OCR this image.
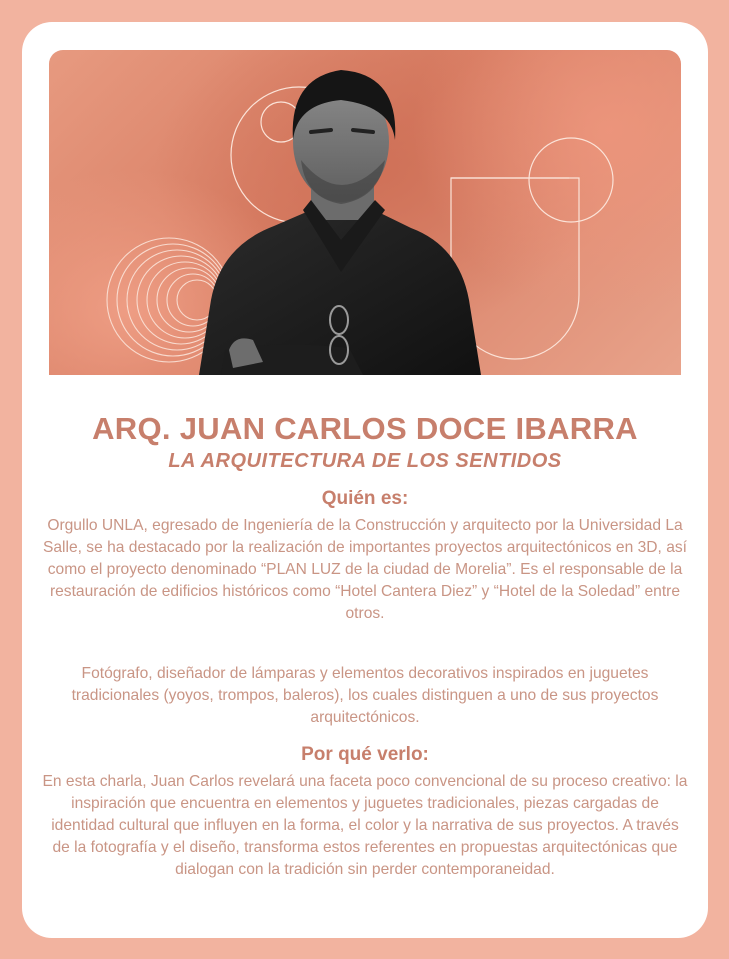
ARQ. JUAN CARLOS DOCE IBARRA
LA ARQUITECTURA DE LOS SENTIDOS
Quién es:

Orgullo UNLA, egresado de Ingeniería de la Construcción y arquitecto por la Universidad La Salle, se ha destacado por la realización de importantes proyectos arquitectónicos en 3D, así como el proyecto denominado “PLAN LUZ de la ciudad de Morelia”. Es el responsable de la restauración de edificios históricos como “Hotel Cantera Diez” y “Hotel de la Soledad” entre otros.

Fotógrafo, diseñador de lámparas y elementos decorativos inspirados en juguetes tradicionales (yoyos, trompos, baleros), los cuales distinguen a uno de sus proyectos arquitectónicos.

Por qué verlo:

En esta charla, Juan Carlos revelará una faceta poco convencional de su proceso creativo: la inspiración que encuentra en elementos y juguetes tradicionales, piezas cargadas de identidad cultural que influyen en la forma, el color y la narrativa de sus proyectos. A través de la fotografía y el diseño, transforma estos referentes en propuestas arquitectónicas que dialogan con la tradición sin perder contemporaneidad.
